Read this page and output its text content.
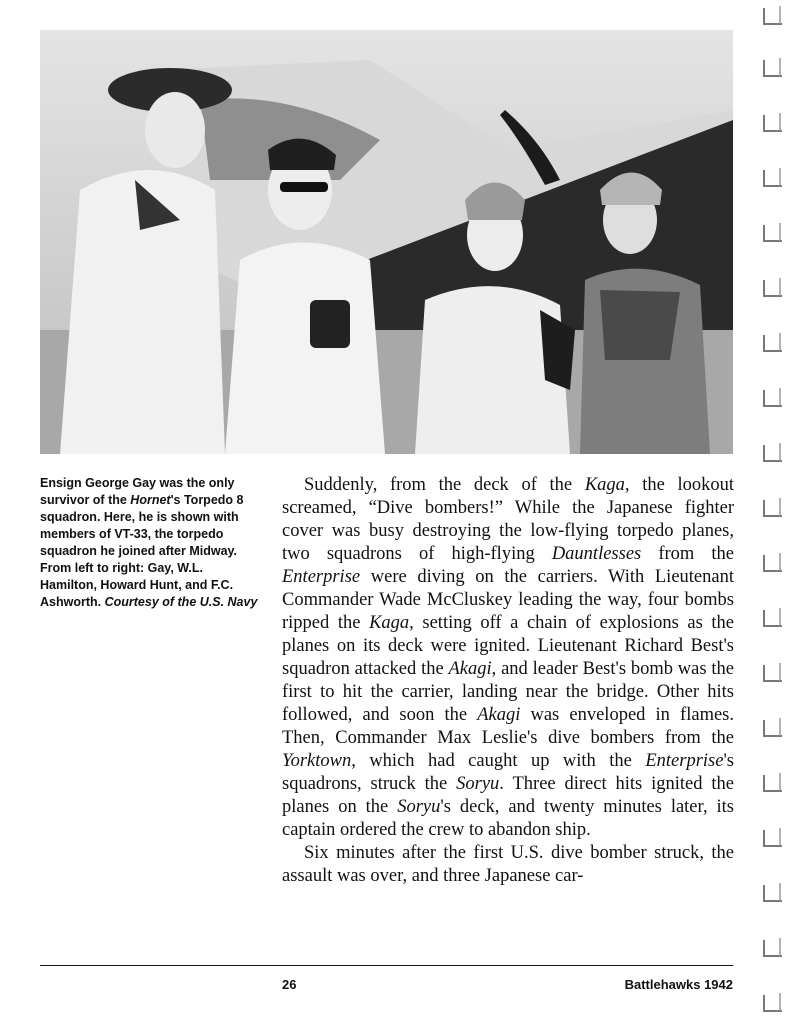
Ensign George Gay was the only survivor of the Hornet's Torpedo 8 squadron. Here, he is shown with members of VT-33, the torpedo squadron he joined after Midway. From left to right: Gay, W.L. Hamilton, Howard Hunt, and F.C. Ashworth. Courtesy of the U.S. Navy

Suddenly, from the deck of the Kaga, the lookout screamed, “Dive bombers!” While the Japanese fighter cover was busy destroying the low-flying torpedo planes, two squadrons of high-flying Dauntlesses from the Enterprise were diving on the carriers. With Lieutenant Commander Wade McCluskey leading the way, four bombs ripped the Kaga, setting off a chain of explosions as the planes on its deck were ignited. Lieutenant Richard Best's squadron attacked the Akagi, and leader Best's bomb was the first to hit the carrier, landing near the bridge. Other hits followed, and soon the Akagi was enveloped in flames. Then, Commander Max Leslie's dive bombers from the Yorktown, which had caught up with the Enterprise's squadrons, struck the Soryu. Three direct hits ignited the planes on the Soryu's deck, and twenty minutes later, its captain ordered the crew to abandon ship.

Six minutes after the first U.S. dive bomber struck, the assault was over, and three Japanese car-

26	Battlehawks 1942
